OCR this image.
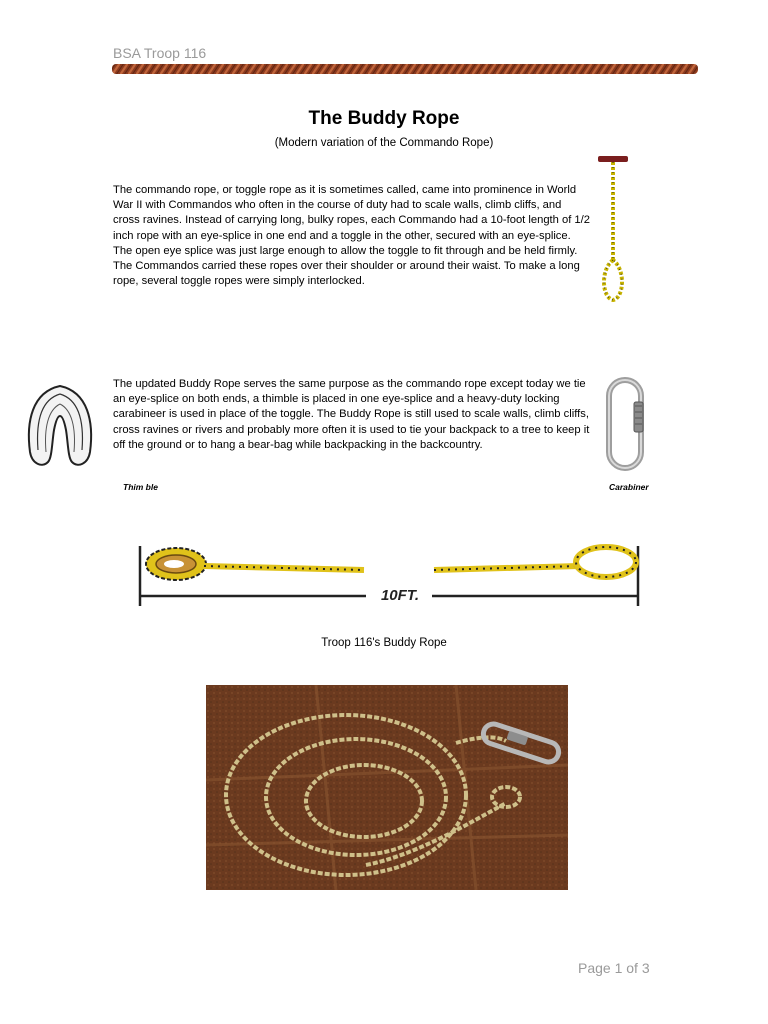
BSA Troop 116
The Buddy Rope
(Modern variation of the Commando Rope)
The commando rope, or toggle rope as it is sometimes called, came into prominence in World War II with Commandos who often in the course of duty had to scale walls, climb cliffs, and cross ravines. Instead of carrying long, bulky ropes, each Commando had a 10-foot length of 1/2 inch rope with an eye-splice in one end and a toggle in the other, secured with an eye-splice. The open eye splice was just large enough to allow the toggle to fit through and be held firmly. The Commandos carried these ropes over their shoulder or around their waist. To make a long rope, several toggle ropes were simply interlocked.
The updated Buddy Rope serves the same purpose as the commando rope except today we tie an eye-splice on both ends, a thimble is placed in one eye-splice and a heavy-duty locking carabineer is used in place of the toggle. The Buddy Rope is still used to scale walls, climb cliffs, cross ravines or rivers and probably more often it is used to tie your backpack to a tree to keep it off the ground or to hang a bear-bag while backpacking in the backcountry.
Thim ble	Carabiner
10FT.
Troop 116's Buddy Rope
Page 1 of 3
